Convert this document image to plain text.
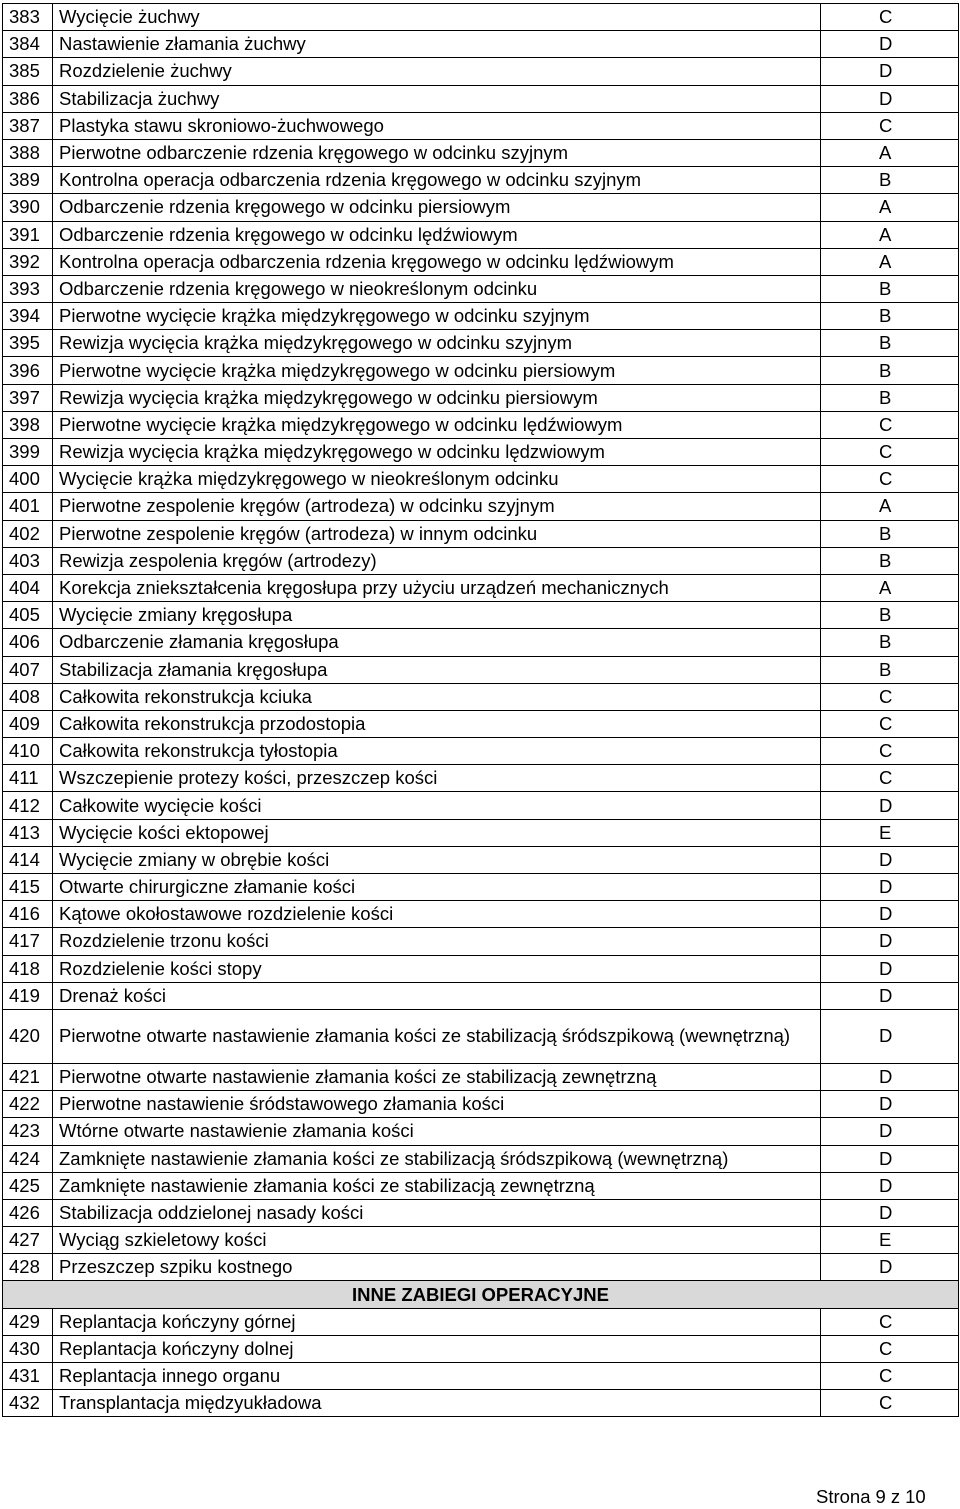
383	Wycięcie żuchwy	C
384	Nastawienie złamania żuchwy	D
385	Rozdzielenie żuchwy	D
386	Stabilizacja żuchwy	D
387	Plastyka stawu skroniowo-żuchwowego	C
388	Pierwotne odbarczenie rdzenia kręgowego w odcinku szyjnym	A
389	Kontrolna operacja odbarczenia rdzenia kręgowego w odcinku szyjnym	B
390	Odbarczenie rdzenia kręgowego w odcinku piersiowym	A
391	Odbarczenie rdzenia kręgowego w odcinku lędźwiowym	A
392	Kontrolna operacja odbarczenia rdzenia kręgowego w odcinku lędźwiowym	A
393	Odbarczenie rdzenia kręgowego w nieokreślonym odcinku	B
394	Pierwotne wycięcie krążka międzykręgowego w odcinku szyjnym	B
395	Rewizja wycięcia krążka międzykręgowego w odcinku szyjnym	B
396	Pierwotne wycięcie krążka międzykręgowego w odcinku piersiowym	B
397	Rewizja wycięcia krążka międzykręgowego w odcinku piersiowym	B
398	Pierwotne wycięcie krążka międzykręgowego w odcinku lędźwiowym	C
399	Rewizja wycięcia krążka międzykręgowego w odcinku lędzwiowym	C
400	Wycięcie krążka międzykręgowego w nieokreślonym odcinku	C
401	Pierwotne zespolenie kręgów (artrodeza) w odcinku szyjnym	A
402	Pierwotne zespolenie kręgów (artrodeza) w innym odcinku	B
403	Rewizja zespolenia kręgów (artrodezy)	B
404	Korekcja zniekształcenia kręgosłupa przy użyciu urządzeń mechanicznych	A
405	Wycięcie zmiany kręgosłupa	B
406	Odbarczenie złamania kręgosłupa	B
407	Stabilizacja złamania kręgosłupa	B
408	Całkowita rekonstrukcja kciuka	C
409	Całkowita rekonstrukcja przodostopia	C
410	Całkowita rekonstrukcja tyłostopia	C
411	Wszczepienie protezy kości, przeszczep kości	C
412	Całkowite wycięcie kości	D
413	Wycięcie kości ektopowej	E
414	Wycięcie zmiany w obrębie kości	D
415	Otwarte chirurgiczne złamanie kości	D
416	Kątowe okołostawowe rozdzielenie kości	D
417	Rozdzielenie trzonu kości	D
418	Rozdzielenie kości stopy	D
419	Drenaż kości	D
420	Pierwotne otwarte nastawienie złamania kości ze stabilizacją śródszpikową (wewnętrzną)	D
421	Pierwotne otwarte nastawienie złamania kości ze stabilizacją zewnętrzną	D
422	Pierwotne nastawienie śródstawowego złamania kości	D
423	Wtórne otwarte nastawienie złamania kości	D
424	Zamknięte nastawienie złamania kości ze stabilizacją śródszpikową (wewnętrzną)	D
425	Zamknięte nastawienie złamania kości ze stabilizacją zewnętrzną	D
426	Stabilizacja oddzielonej nasady kości	D
427	Wyciąg szkieletowy kości	E
428	Przeszczep szpiku kostnego	D
INNE ZABIEGI OPERACYJNE		
429	Replantacja kończyny górnej	C
430	Replantacja kończyny dolnej	C
431	Replantacja innego organu	C
432	Transplantacja międzyukładowa	C
Strona 9 z 10
